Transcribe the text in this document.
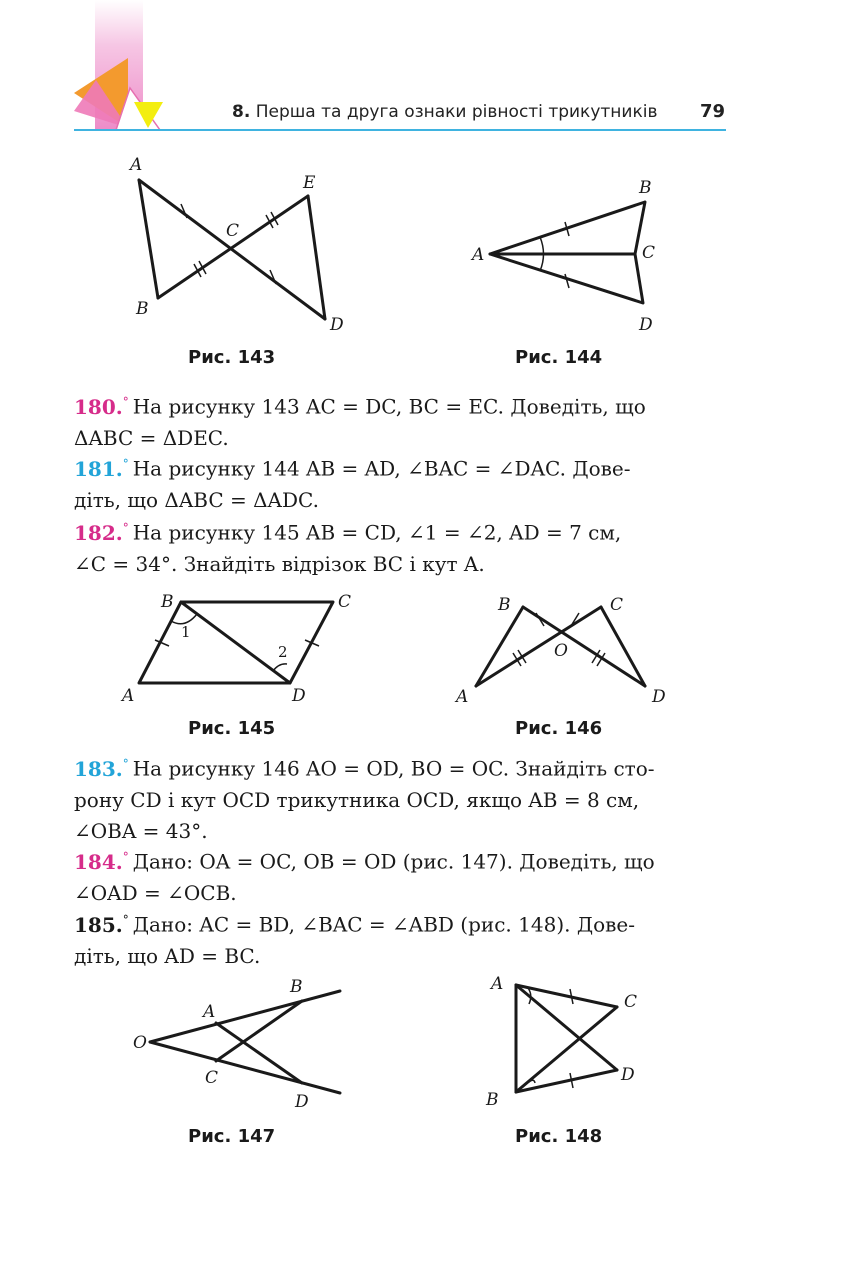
8. Перша та друга ознаки рівності трикутників 79
A
E
C
B
D
Рис. 143
A
B
C
D
Рис. 144
180.° На рисунку 143 AC = DC, BC = EC. Доведіть, що
ΔABC = ΔDEC.
181.° На рисунку 144 AB = AD, ∠BAC = ∠DAC. Дове-
діть, що ΔABC = ΔADC.
182.° На рисунку 145 AB = CD, ∠1 = ∠2, AD = 7 см,
∠C = 34°. Знайдіть відрізок BC і кут A.
B	C
A	D
1
2
Рис. 145
B	C
O
A	D
Рис. 146
183.° На рисунку 146 AO = OD, BO = OC. Знайдіть сто-
рону CD і кут OCD трикутника OCD, якщо AB = 8 см,
∠OBA = 43°.
184.° Дано: OA = OC, OB = OD (рис. 147). Доведіть, що
∠OAD = ∠OCB.
185.° Дано: AC = BD, ∠BAC = ∠ABD (рис. 148). Дове-
діть, що AD = BC.
B
A
O
C
D
Рис. 147
A
C
D
B
Рис. 148
